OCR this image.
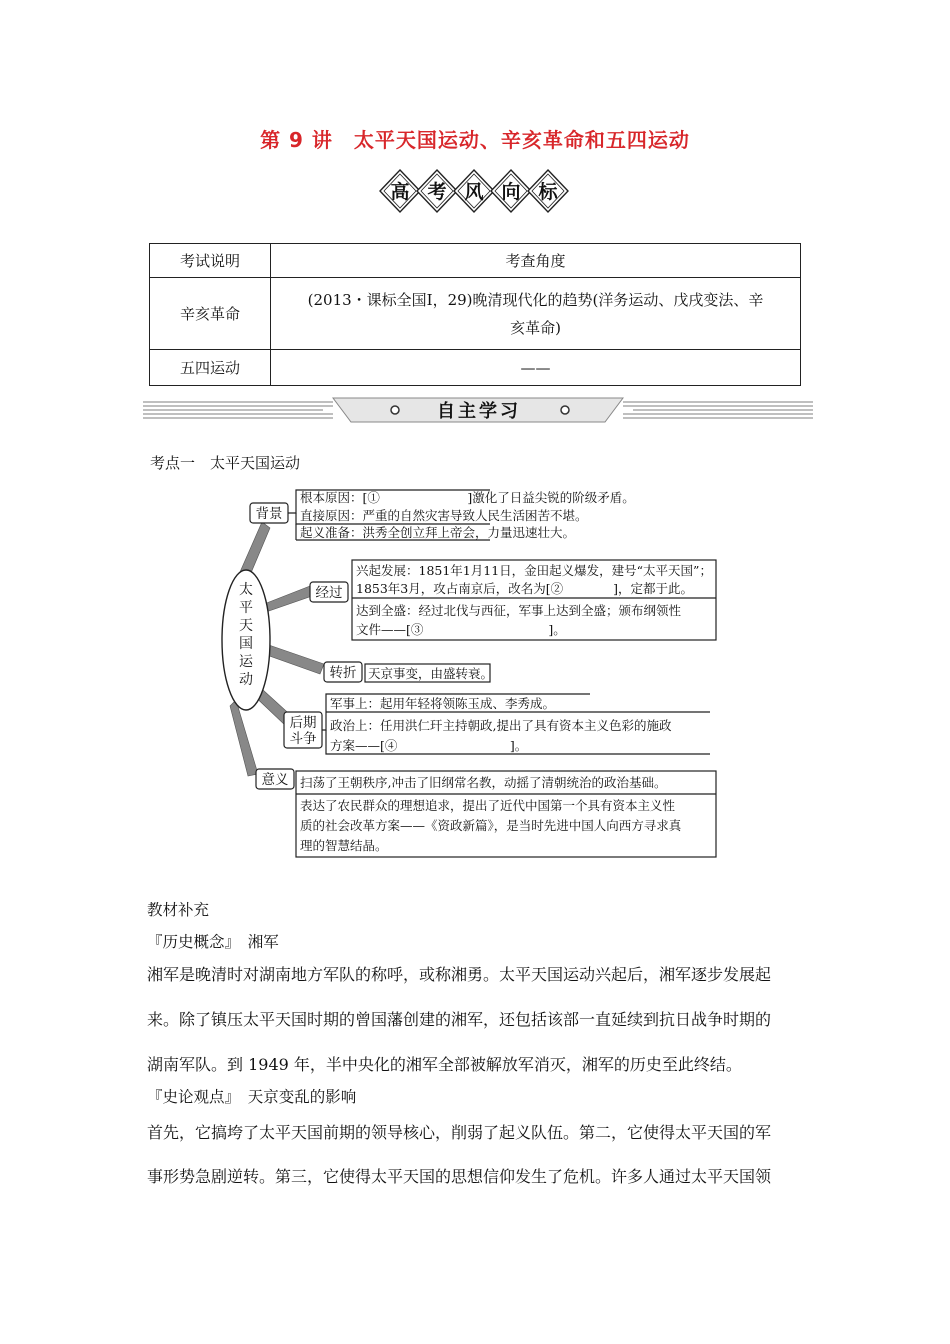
第 9 讲　太平天国运动、辛亥革命和五四运动
高 考 风 向 标
考试说明	考查角度
辛亥革命	(2013・课标全国Ⅰ，29)晚清现代化的趋势(洋务运动、戊戌变法、辛
亥革命)

五四运动	——
自主学习
考点一　太平天国运动
太
平
天
国
运
动
背景
经过
转折
后期
斗争
意义
根本原因：[①　　　　　　　]激化了日益尖锐的阶级矛盾。
直接原因：严重的自然灾害导致人民生活困苦不堪。
起义准备：洪秀全创立拜上帝会，力量迅速壮大。
兴起发展：1851年1月11日，金田起义爆发，建号“太平天国”；
1853年3月，攻占南京后，改名为[②　　　　]，定都于此。
达到全盛：经过北伐与西征，军事上达到全盛；颁布纲领性
文件——[③　　　　　　　　　　]。
天京事变，由盛转衰。
军事上：起用年轻将领陈玉成、李秀成。
政治上：任用洪仁玕主持朝政,提出了具有资本主义色彩的施政
方案——[④　　　　　　　　　]。
扫荡了王朝秩序,冲击了旧纲常名教，动摇了清朝统治的政治基础。
表达了农民群众的理想追求，提出了近代中国第一个具有资本主义性
质的社会改革方案——《资政新篇》，是当时先进中国人向西方寻求真
理的智慧结晶。
教材补充
『历史概念』　湘军
湘军是晚清时对湖南地方军队的称呼，或称湘勇。太平天国运动兴起后，湘军逐步发展起
来。除了镇压太平天国时期的曾国藩创建的湘军，还包括该部一直延续到抗日战争时期的
湖南军队。到 1949 年，半中央化的湘军全部被解放军消灭，湘军的历史至此终结。
『史论观点』　天京变乱的影响
首先，它搞垮了太平天国前期的领导核心，削弱了起义队伍。第二，它使得太平天国的军
事形势急剧逆转。第三，它使得太平天国的思想信仰发生了危机。许多人通过太平天国领
